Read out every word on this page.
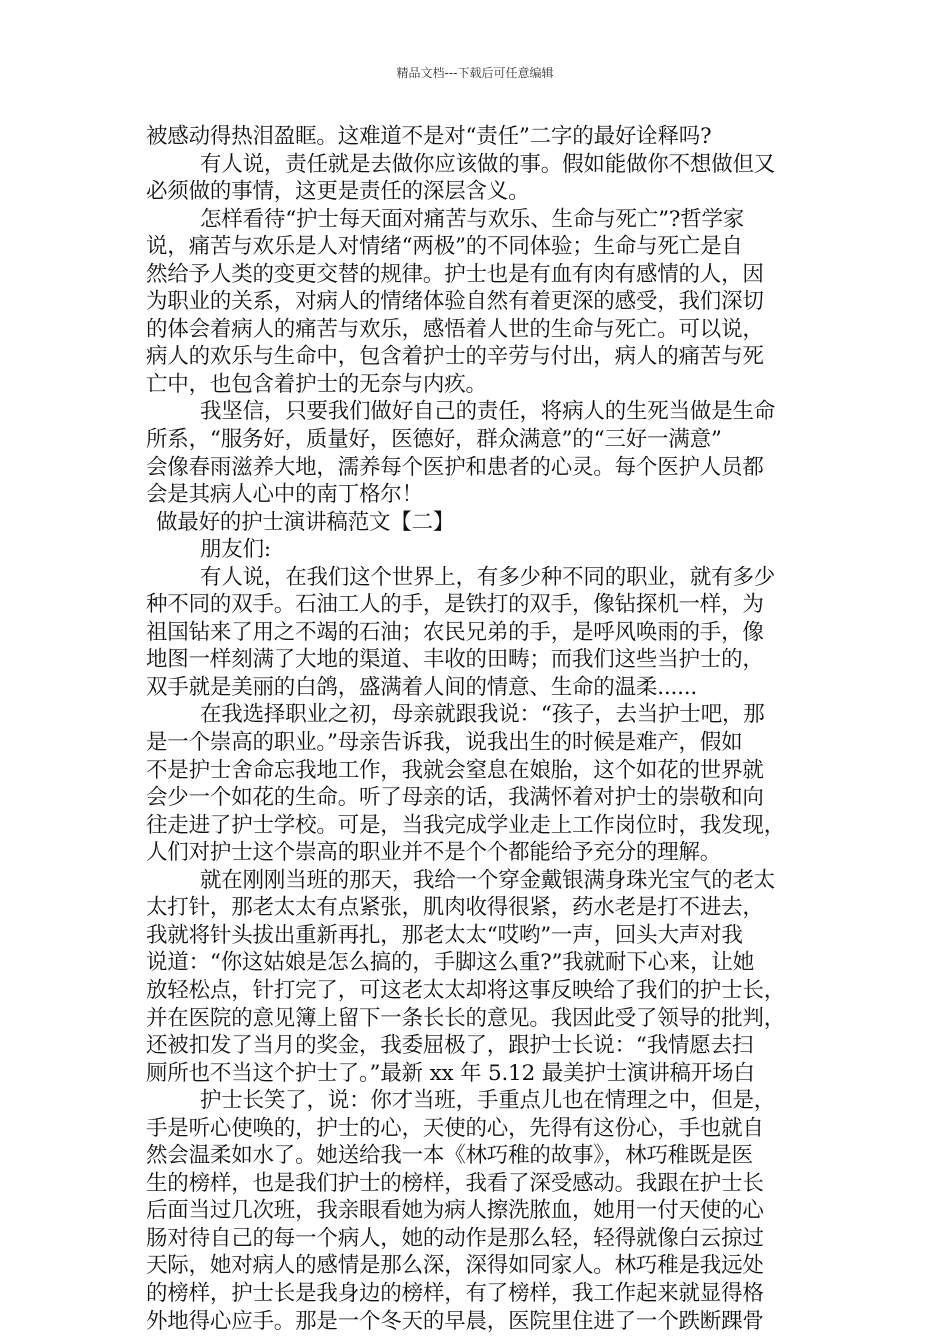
精品文档---下载后可任意编辑
被感动得热泪盈眶。这难道不是对“责任”二字的最好诠释吗?
有人说，责任就是去做你应该做的事。假如能做你不想做但又
必须做的事情，这更是责任的深层含义。
怎样看待“护士每天面对痛苦与欢乐、生命与死亡”?哲学家
说，痛苦与欢乐是人对情绪“两极”的不同体验；生命与死亡是自
然给予人类的变更交替的规律。护士也是有血有肉有感情的人，因
为职业的关系，对病人的情绪体验自然有着更深的感受，我们深切
的体会着病人的痛苦与欢乐，感悟着人世的生命与死亡。可以说，
病人的欢乐与生命中，包含着护士的辛劳与付出，病人的痛苦与死
亡中，也包含着护士的无奈与内疚。
我坚信，只要我们做好自己的责任，将病人的生死当做是生命
所系，“服务好，质量好，医德好，群众满意”的“三好一满意”
会像春雨滋养大地，濡养每个医护和患者的心灵。每个医护人员都
会是其病人心中的南丁格尔！
做最好的护士演讲稿范文【二】
朋友们:
有人说，在我们这个世界上，有多少种不同的职业，就有多少
种不同的双手。石油工人的手，是铁打的双手，像钻探机一样，为
祖国钻来了用之不竭的石油；农民兄弟的手，是呼风唤雨的手，像
地图一样刻满了大地的渠道、丰收的田畴；而我们这些当护士的，
双手就是美丽的白鸽，盛满着人间的情意、生命的温柔......
在我选择职业之初，母亲就跟我说：“孩子，去当护士吧，那
是一个崇高的职业。”母亲告诉我，说我出生的时候是难产，假如
不是护士舍命忘我地工作，我就会窒息在娘胎，这个如花的世界就
会少一个如花的生命。听了母亲的话，我满怀着对护士的崇敬和向
往走进了护士学校。可是，当我完成学业走上工作岗位时，我发现，
人们对护士这个崇高的职业并不是个个都能给予充分的理解。
就在刚刚当班的那天，我给一个穿金戴银满身珠光宝气的老太
太打针，那老太太有点紧张，肌肉收得很紧，药水老是打不进去，
我就将针头拔出重新再扎，那老太太“哎哟”一声，回头大声对我
说道：“你这姑娘是怎么搞的，手脚这么重?”我就耐下心来，让她
放轻松点，针打完了，可这老太太却将这事反映给了我们的护士长，
并在医院的意见簿上留下一条长长的意见。我因此受了领导的批判，
还被扣发了当月的奖金，我委屈极了，跟护士长说：“我情愿去扫
厕所也不当这个护士了。”最新 xx 年 5.12 最美护士演讲稿开场白
护士长笑了，说：你才当班，手重点儿也在情理之中，但是，
手是听心使唤的，护士的心，天使的心，先得有这份心，手也就自
然会温柔如水了。她送给我一本《林巧稚的故事》，林巧稚既是医
生的榜样，也是我们护士的榜样，我看了深受感动。我跟在护士长
后面当过几次班，我亲眼看她为病人擦洗脓血，她用一付天使的心
肠对待自己的每一个病人，她的动作是那么轻，轻得就像白云掠过
天际，她对病人的感情是那么深，深得如同家人。林巧稚是我远处
的榜样，护士长是我身边的榜样，有了榜样，我工作起来就显得格
外地得心应手。那是一个冬天的早晨，医院里住进了一个跌断踝骨
